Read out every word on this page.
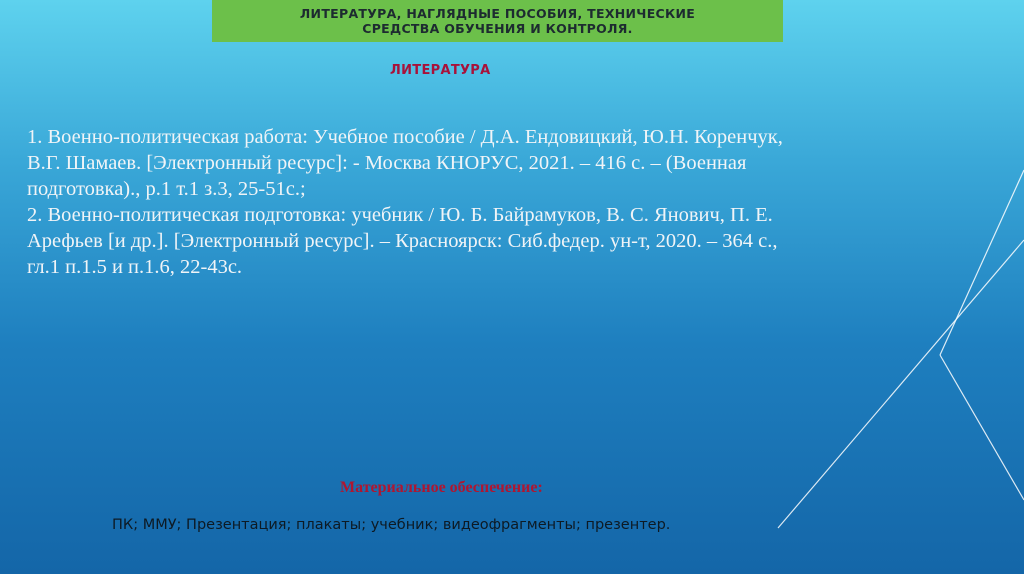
ЛИТЕРАТУРА, НАГЛЯДНЫЕ ПОСОБИЯ, ТЕХНИЧЕСКИЕ
СРЕДСТВА ОБУЧЕНИЯ И КОНТРОЛЯ.
ЛИТЕРАТУРА
1. Военно-политическая работа: Учебное пособие / Д.А. Ендовицкий, Ю.Н. Коренчук,
В.Г. Шамаев. [Электронный ресурс]: - Москва КНОРУС, 2021. – 416 с. – (Военная
подготовка)., р.1 т.1 з.3, 25-51с.;
2. Военно-политическая подготовка: учебник / Ю. Б. Байрамуков, В. С. Янович, П. Е.
Арефьев [и др.]. [Электронный ресурс]. – Красноярск: Сиб.федер. ун-т, 2020. – 364 с.,
гл.1 п.1.5 и п.1.6, 22-43с.
Материальное обеспечение:
ПК; ММУ; Презентация; плакаты; учебник; видеофрагменты; презентер.
